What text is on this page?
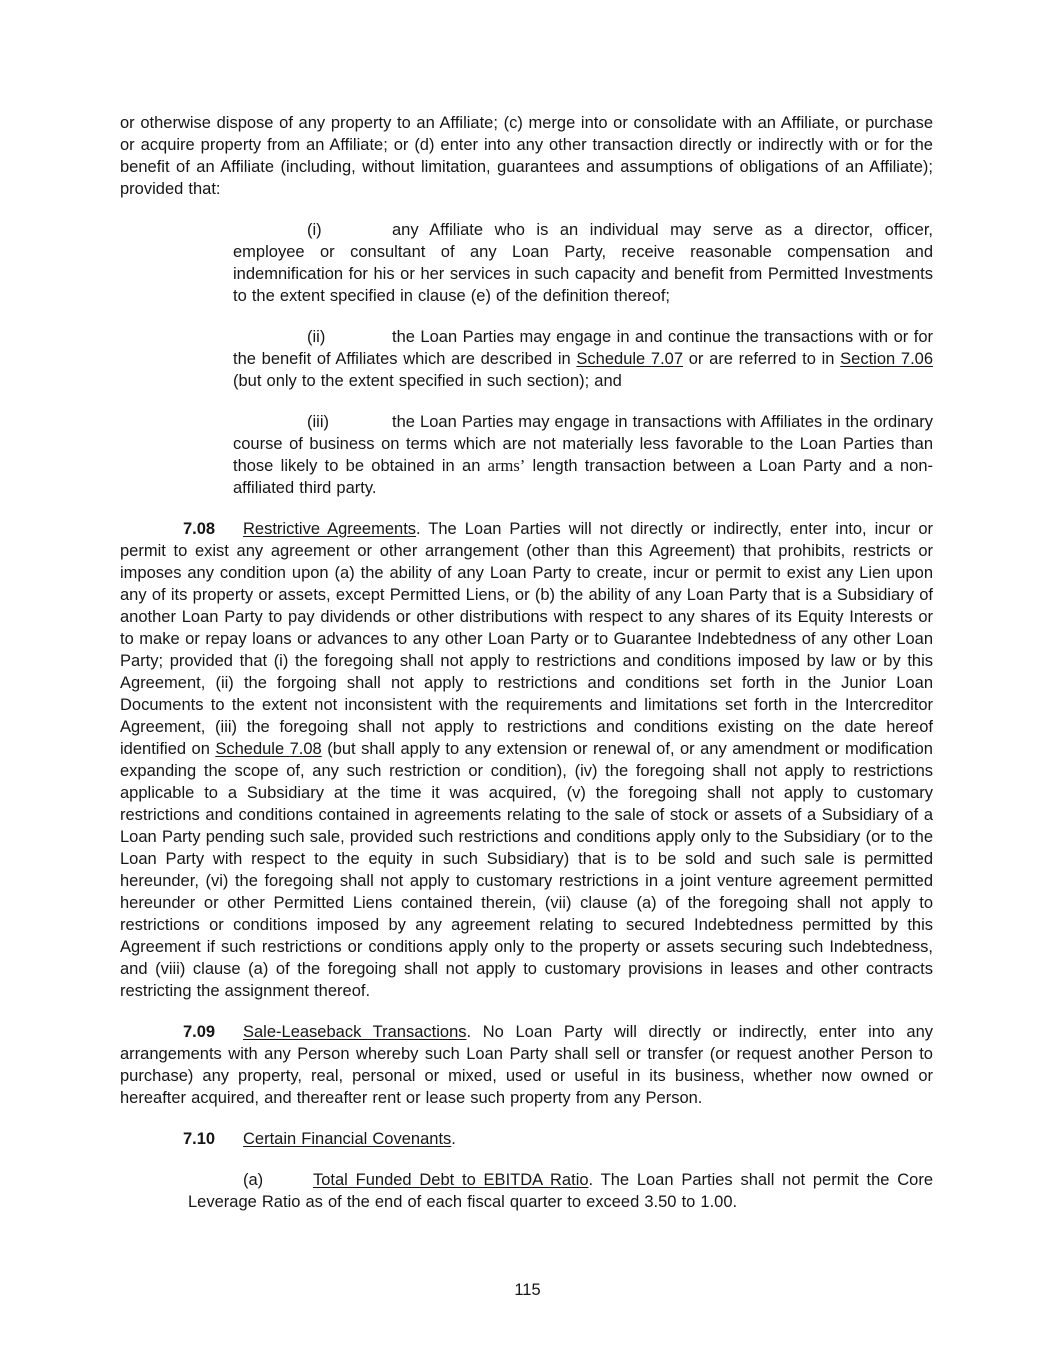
or otherwise dispose of any property to an Affiliate; (c) merge into or consolidate with an Affiliate, or purchase or acquire property from an Affiliate; or (d) enter into any other transaction directly or indirectly with or for the benefit of an Affiliate (including, without limitation, guarantees and assumptions of obligations of an Affiliate); provided that:

(i)	any Affiliate who is an individual may serve as a director, officer, employee or consultant of any Loan Party, receive reasonable compensation and indemnification for his or her services in such capacity and benefit from Permitted Investments to the extent specified in clause (e) of the definition thereof;

(ii)	the Loan Parties may engage in and continue the transactions with or for the benefit of Affiliates which are described in Schedule 7.07 or are referred to in Section 7.06 (but only to the extent specified in such section); and

(iii)	the Loan Parties may engage in transactions with Affiliates in the ordinary course of business on terms which are not materially less favorable to the Loan Parties than those likely to be obtained in an arms’ length transaction between a Loan Party and a non-affiliated third party.

7.08 Restrictive Agreements. The Loan Parties will not directly or indirectly, enter into, incur or permit to exist any agreement or other arrangement (other than this Agreement) that prohibits, restricts or imposes any condition upon (a) the ability of any Loan Party to create, incur or permit to exist any Lien upon any of its property or assets, except Permitted Liens, or (b) the ability of any Loan Party that is a Subsidiary of another Loan Party to pay dividends or other distributions with respect to any shares of its Equity Interests or to make or repay loans or advances to any other Loan Party or to Guarantee Indebtedness of any other Loan Party; provided that (i) the foregoing shall not apply to restrictions and conditions imposed by law or by this Agreement, (ii) the forgoing shall not apply to restrictions and conditions set forth in the Junior Loan Documents to the extent not inconsistent with the requirements and limitations set forth in the Intercreditor Agreement, (iii) the foregoing shall not apply to restrictions and conditions existing on the date hereof identified on Schedule 7.08 (but shall apply to any extension or renewal of, or any amendment or modification expanding the scope of, any such restriction or condition), (iv) the foregoing shall not apply to restrictions applicable to a Subsidiary at the time it was acquired, (v) the foregoing shall not apply to customary restrictions and conditions contained in agreements relating to the sale of stock or assets of a Subsidiary of a Loan Party pending such sale, provided such restrictions and conditions apply only to the Subsidiary (or to the Loan Party with respect to the equity in such Subsidiary) that is to be sold and such sale is permitted hereunder, (vi) the foregoing shall not apply to customary restrictions in a joint venture agreement permitted hereunder or other Permitted Liens contained therein, (vii) clause (a) of the foregoing shall not apply to restrictions or conditions imposed by any agreement relating to secured Indebtedness permitted by this Agreement if such restrictions or conditions apply only to the property or assets securing such Indebtedness, and (viii) clause (a) of the foregoing shall not apply to customary provisions in leases and other contracts restricting the assignment thereof.

7.09 Sale-Leaseback Transactions. No Loan Party will directly or indirectly, enter into any arrangements with any Person whereby such Loan Party shall sell or transfer (or request another Person to purchase) any property, real, personal or mixed, used or useful in its business, whether now owned or hereafter acquired, and thereafter rent or lease such property from any Person.

7.10 Certain Financial Covenants.

(a)	Total Funded Debt to EBITDA Ratio. The Loan Parties shall not permit the Core Leverage Ratio as of the end of each fiscal quarter to exceed 3.50 to 1.00.

115
